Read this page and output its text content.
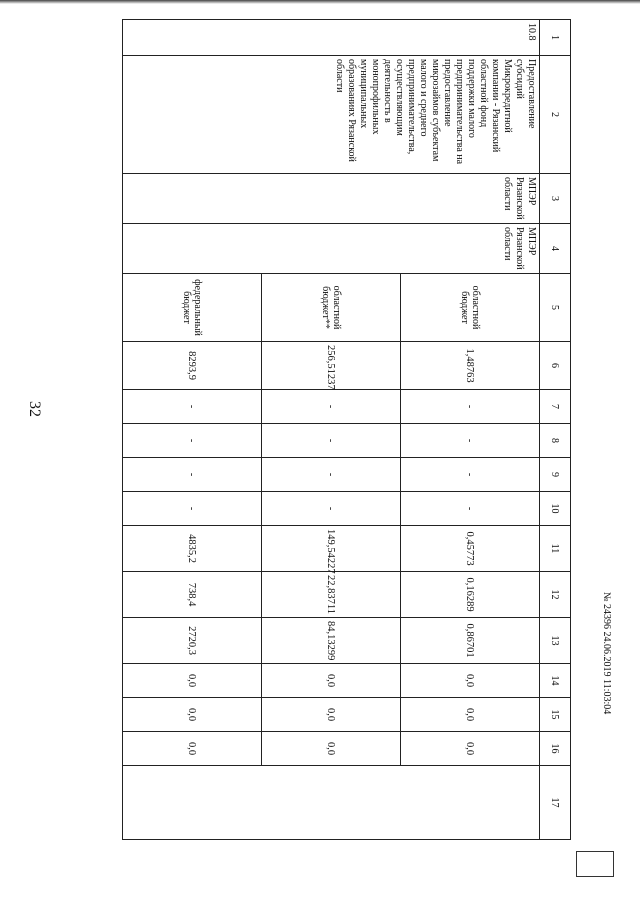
32
1	2	3	4	5	6	7	8	9	10	11	12	13	14	15	16	17
10.8	Предоставление субсидий Микрокредитной компании - Рязанский областной фонд поддержки малого предпринимательства на предоставление микрозаймов субъектам малого и среднего предпринимательства, осуществляющим деятельность в монопрофильных муниципальных образованиях Рязанской области	МПЭР Рязанской области	МПЭР Рязанской области	областной бюджет	1,48763	-	-	-	-	0,45773	0,16289	0,86701	0,0	0,0	0,0	
				областной бюджет**	256,51237	-	-	-	-	149,54227	22,83711	84,13299	0,0	0,0	0,0	
				федеральный бюджет	8293,9	-	-	-	-	4835,2	738,4	2720,3	0,0	0,0	0,0	
№ 24396 24.06.2019 11:03:04
